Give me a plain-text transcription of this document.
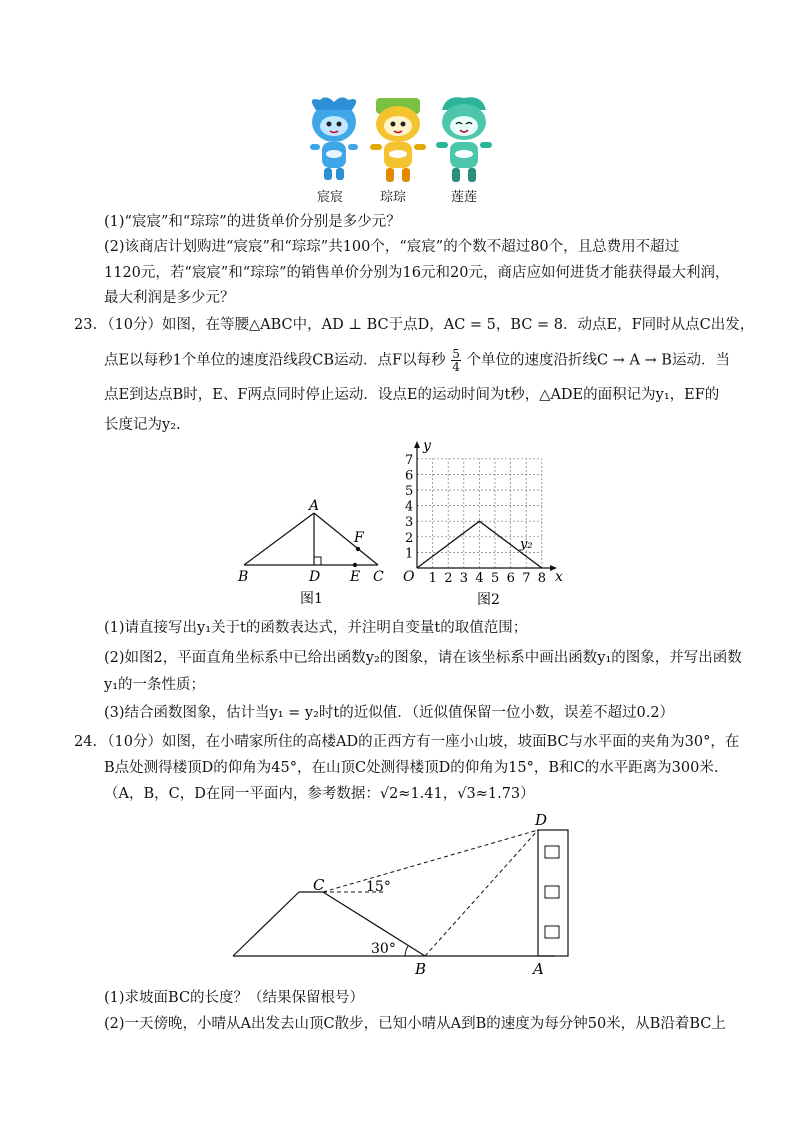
宸宸	琮琮	莲莲
(1)“宸宸”和“琮琮”的进货单价分别是多少元？
(2)该商店计划购进“宸宸”和“琮琮”共100个，“宸宸”的个数不超过80个，且总费用不超过
1120元，若“宸宸”和“琮琮”的销售单价分别为16元和20元，商店应如何进货才能获得最大利润，
最大利润是多少元？
23. （10分） 如图，在等腰△ABC中，AD ⊥ BC于点D，AC = 5，BC = 8．动点E，F同时从点C出发，
点E以每秒1个单位的速度沿线段CB运动．点F以每秒 $\frac{5}{4}$ 个单位的速度沿折线C → A → B运动．当
点E到达点B时，E、F两点同时停止运动．设点E的运动时间为t秒，△ADE的面积记为y₁，EF的
长度记为y₂.
A
B	D E C
F
图1
1
2
3
4
5
6
7
1 2 3 4 5 6 7 8
y
x
O
y₂
图2
(1)请直接写出y₁关于t的函数表达式，并注明自变量t的取值范围；
(2)如图2，平面直角坐标系中已给出函数y₂的图象，请在该坐标系中画出函数y₁的图象，并写出函数
y₁的一条性质；
(3)结合函数图象，估计当y₁ = y₂时t的近似值．（近似值保留一位小数，误差不超过0.2）
24. （10分） 如图，在小晴家所住的高楼AD的正西方有一座小山坡，坡面BC与水平面的夹角为30°，在
B点处测得楼顶D的仰角为45°，在山顶C处测得楼顶D的仰角为15°，B和C的水平距离为300米.
（A，B，C，D在同一平面内，参考数据：√2≈1.41，√3≈1.73）
D
C
B	A
15°
30°
(1)求坡面BC的长度？（结果保留根号）
(2)一天傍晚，小晴从A出发去山顶C散步，已知小晴从A到B的速度为每分钟50米，从B沿着BC上
